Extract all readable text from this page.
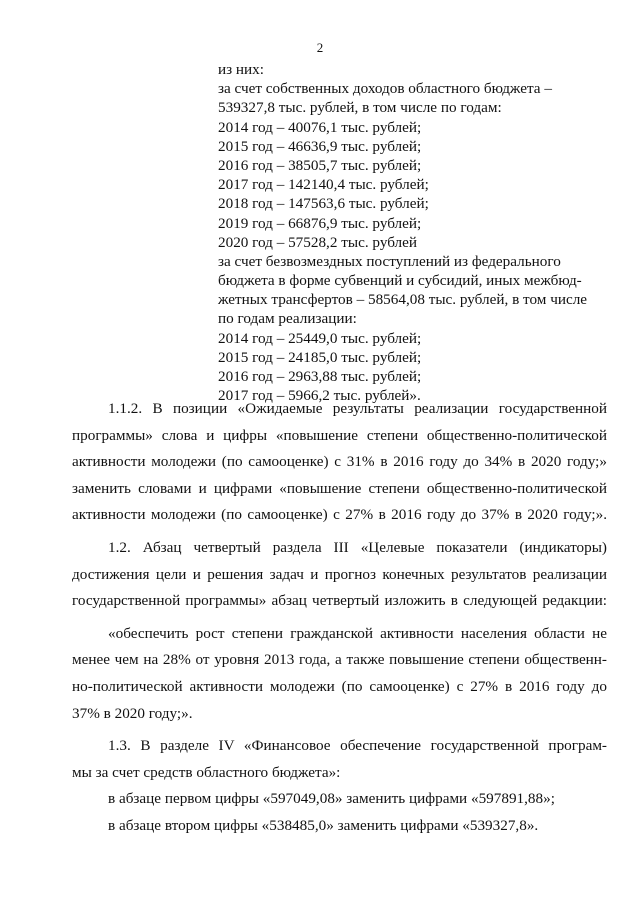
2
из них:
за счет собственных доходов областного бюджета –
539327,8 тыс. рублей, в том числе по годам:
2014 год – 40076,1 тыс. рублей;
2015 год – 46636,9 тыс. рублей;
2016 год – 38505,7 тыс. рублей;
2017 год – 142140,4 тыс. рублей;
2018 год – 147563,6 тыс. рублей;
2019 год – 66876,9 тыс. рублей;
2020 год – 57528,2 тыс. рублей
за счет безвозмездных поступлений из федерального
бюджета в форме субвенций и субсидий, иных межбюд-
жетных трансфертов – 58564,08 тыс. рублей, в том числе
по годам реализации:
2014 год – 25449,0 тыс. рублей;
2015 год – 24185,0 тыс. рублей;
2016 год – 2963,88 тыс. рублей;
2017 год – 5966,2 тыс. рублей».
1.1.2. В позиции «Ожидаемые результаты реализации государственной
программы» слова и цифры «повышение степени общественно-политической
активности молодежи (по самооценке) с 31% в 2016 году до 34% в 2020 году;»
заменить словами и цифрами «повышение степени общественно-политической
активности молодежи (по самооценке) с 27% в 2016 году до 37% в 2020 году;».
1.2. Абзац четвертый раздела III «Целевые показатели (индикаторы)
достижения цели и решения задач и прогноз конечных результатов реализации
государственной программы» абзац четвертый изложить в следующей редакции:
«обеспечить рост степени гражданской активности населения области не
менее чем на 28% от уровня 2013 года, а также повышение степени общественн-
но-политической активности молодежи (по самооценке) с 27% в 2016 году до
37% в 2020 году;».
1.3. В разделе IV «Финансовое обеспечение государственной програм-
мы за счет средств областного бюджета»:
в абзаце первом цифры «597049,08» заменить цифрами «597891,88»;
в абзаце втором цифры «538485,0» заменить цифрами «539327,8».
